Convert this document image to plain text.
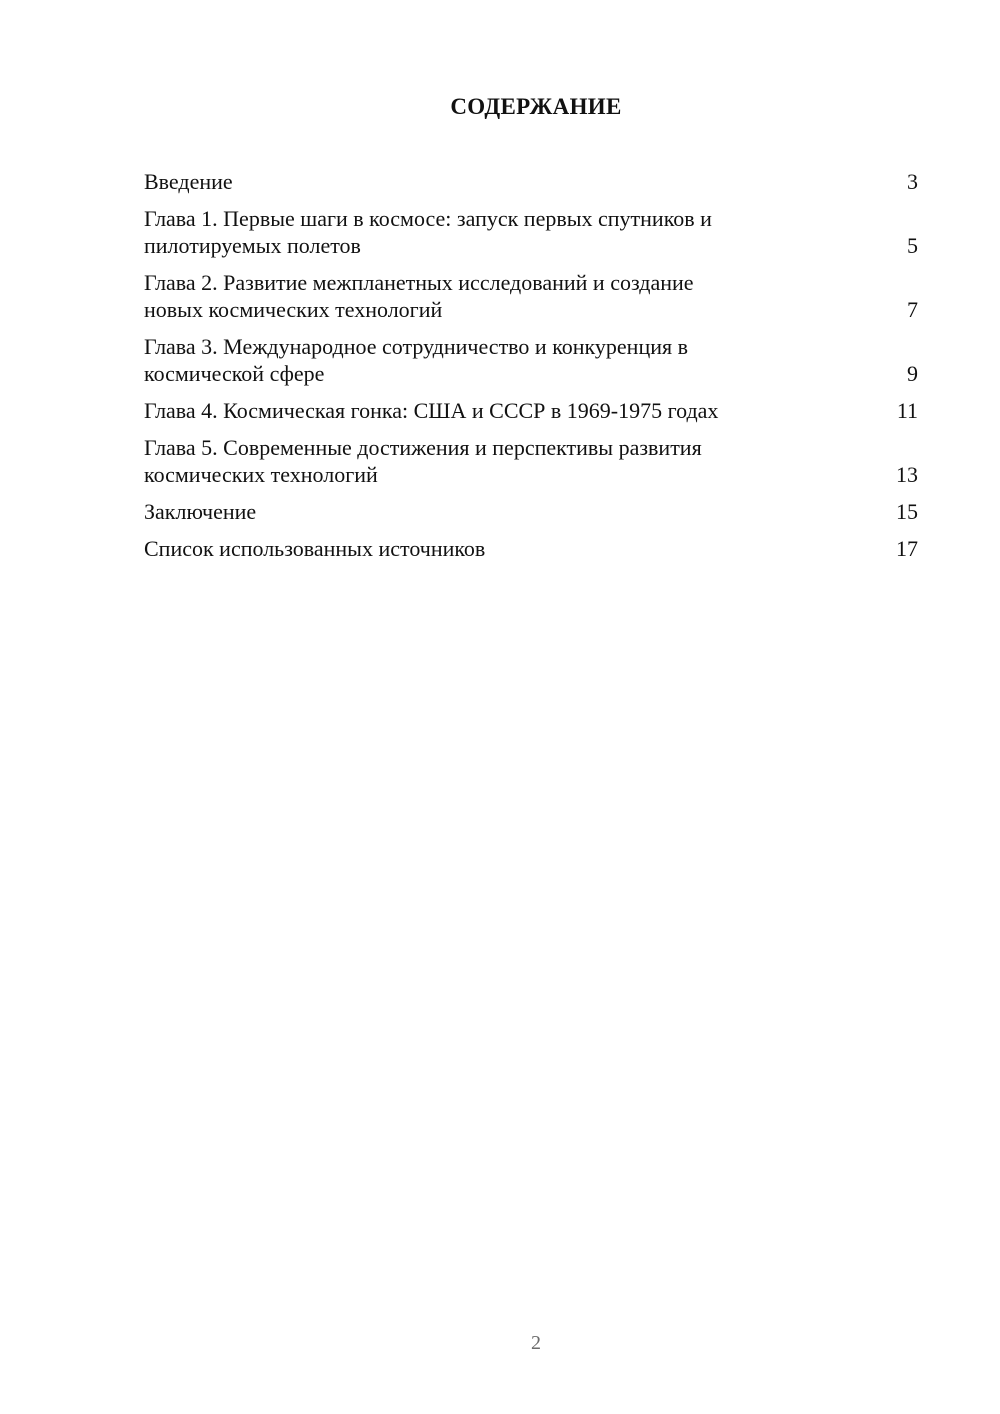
СОДЕРЖАНИЕ
Введение	3
Глава 1. Первые шаги в космосе: запуск первых спутников и
пилотируемых полетов	5
Глава 2. Развитие межпланетных исследований и создание
новых космических технологий	7
Глава 3. Международное сотрудничество и конкуренция в
космической сфере	9
Глава 4. Космическая гонка: США и СССР в 1969-1975 годах	11
Глава 5. Современные достижения и перспективы развития
космических технологий	13
Заключение	15
Список использованных источников	17
2
